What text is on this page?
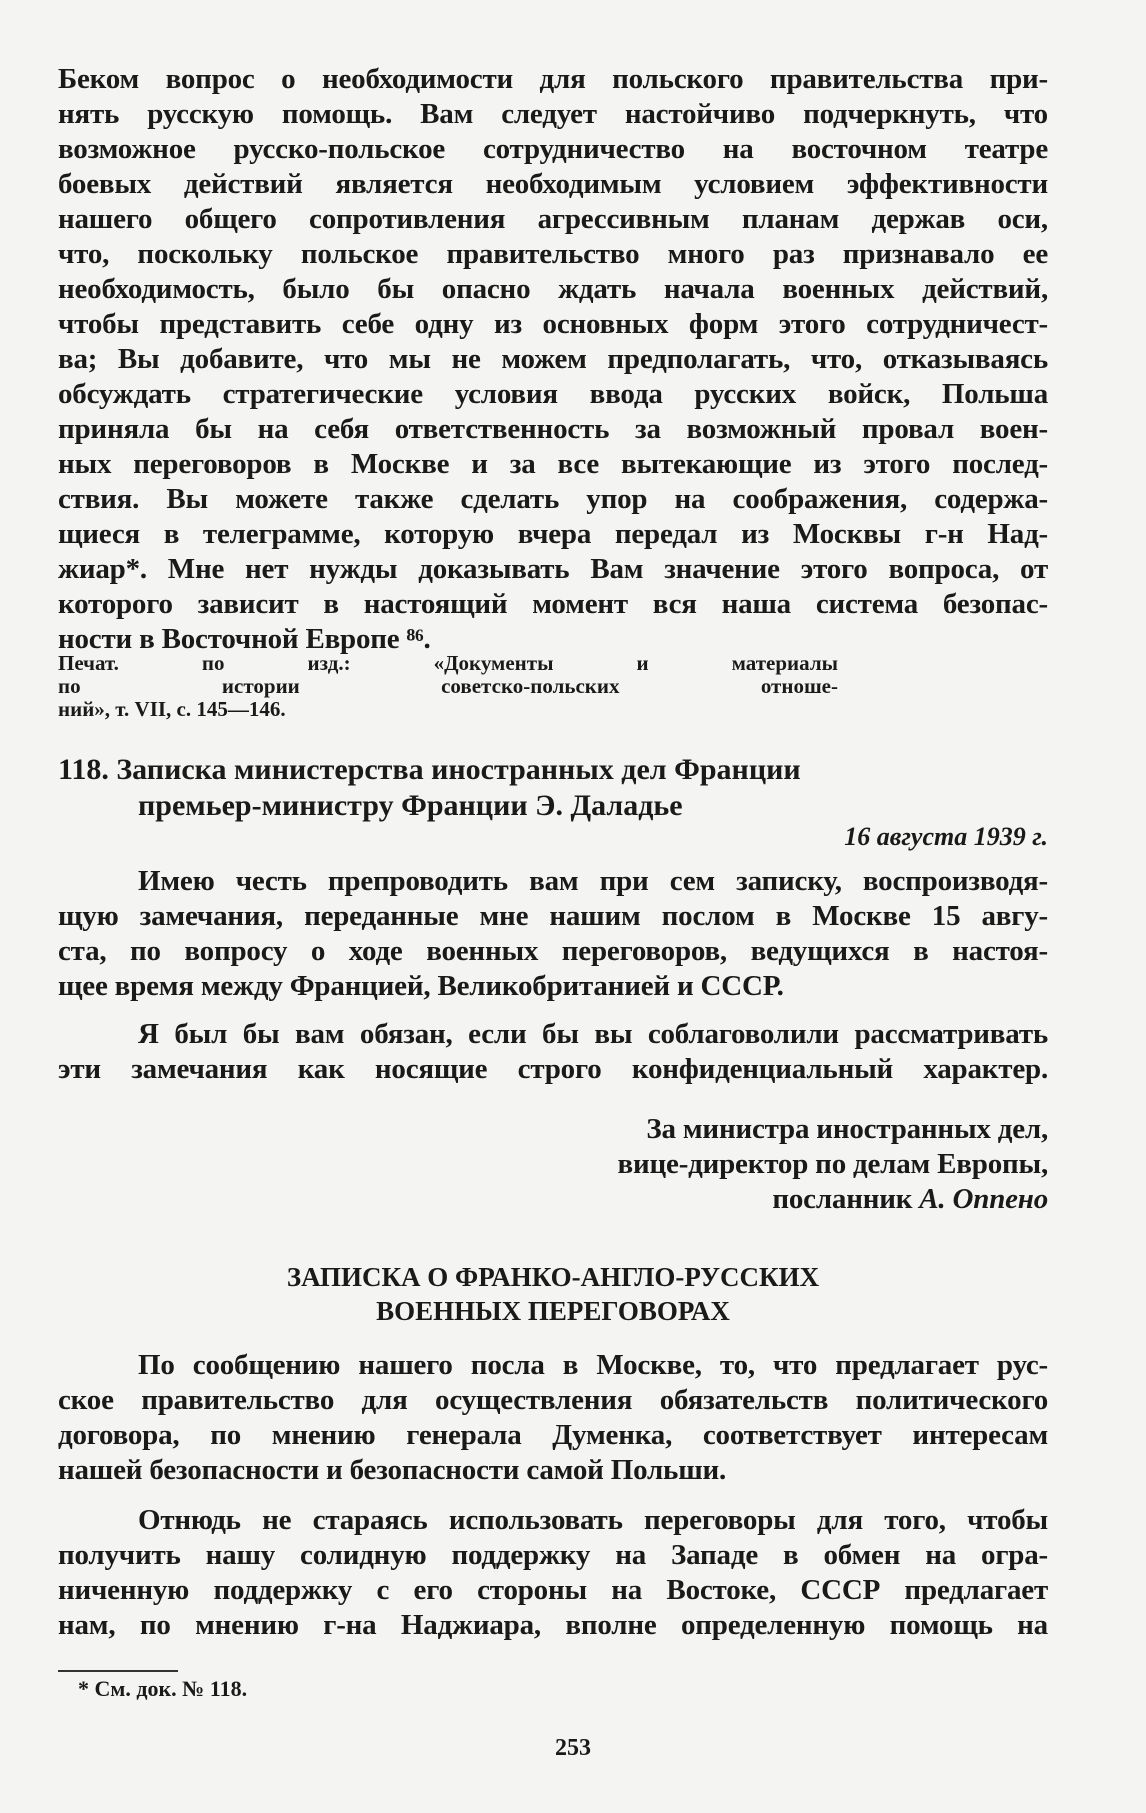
Беком вопрос о необходимости для польского правительства при-
нять русскую помощь. Вам следует настойчиво подчеркнуть, что
возможное русско-польское сотрудничество на восточном театре
боевых действий является необходимым условием эффективности
нашего общего сопротивления агрессивным планам держав оси,
что, поскольку польское правительство много раз признавало ее
необходимость, было бы опасно ждать начала военных действий,
чтобы представить себе одну из основных форм этого сотрудничест-
ва; Вы добавите, что мы не можем предполагать, что, отказываясь
обсуждать стратегические условия ввода русских войск, Польша
приняла бы на себя ответственность за возможный провал воен-
ных переговоров в Москве и за все вытекающие из этого послед-
ствия. Вы можете также сделать упор на соображения, содержа-
щиеся в телеграмме, которую вчера передал из Москвы г-н Над-
жиар*. Мне нет нужды доказывать Вам значение этого вопроса, от
которого зависит в настоящий момент вся наша система безопас-
ности в Восточной Европе ⁸⁶.
Печат. по изд.: «Документы и материалы
по истории советско-польских отноше-
ний», т. VII, с. 145—146.
118. Записка министерства иностранных дел Франции
премьер-министру Франции Э. Даладье
16 августа 1939 г.
Имею честь препроводить вам при сем записку, воспроизводя-
щую замечания, переданные мне нашим послом в Москве 15 авгу-
ста, по вопросу о ходе военных переговоров, ведущихся в настоя-
щее время между Францией, Великобританией и СССР.
Я был бы вам обязан, если бы вы соблаговолили рассматривать
эти замечания как носящие строго конфиденциальный характер.
За министра иностранных дел,
вице-директор по делам Европы,
посланник А. Оппено
ЗАПИСКА О ФРАНКО-АНГЛО-РУССКИХ
ВОЕННЫХ ПЕРЕГОВОРАХ
По сообщению нашего посла в Москве, то, что предлагает рус-
ское правительство для осуществления обязательств политического
договора, по мнению генерала Думенка, соответствует интересам
нашей безопасности и безопасности самой Польши.
Отнюдь не стараясь использовать переговоры для того, чтобы
получить нашу солидную поддержку на Западе в обмен на огра-
ниченную поддержку с его стороны на Востоке, СССР предлагает
нам, по мнению г-на Наджиара, вполне определенную помощь на
* См. док. № 118.
253
